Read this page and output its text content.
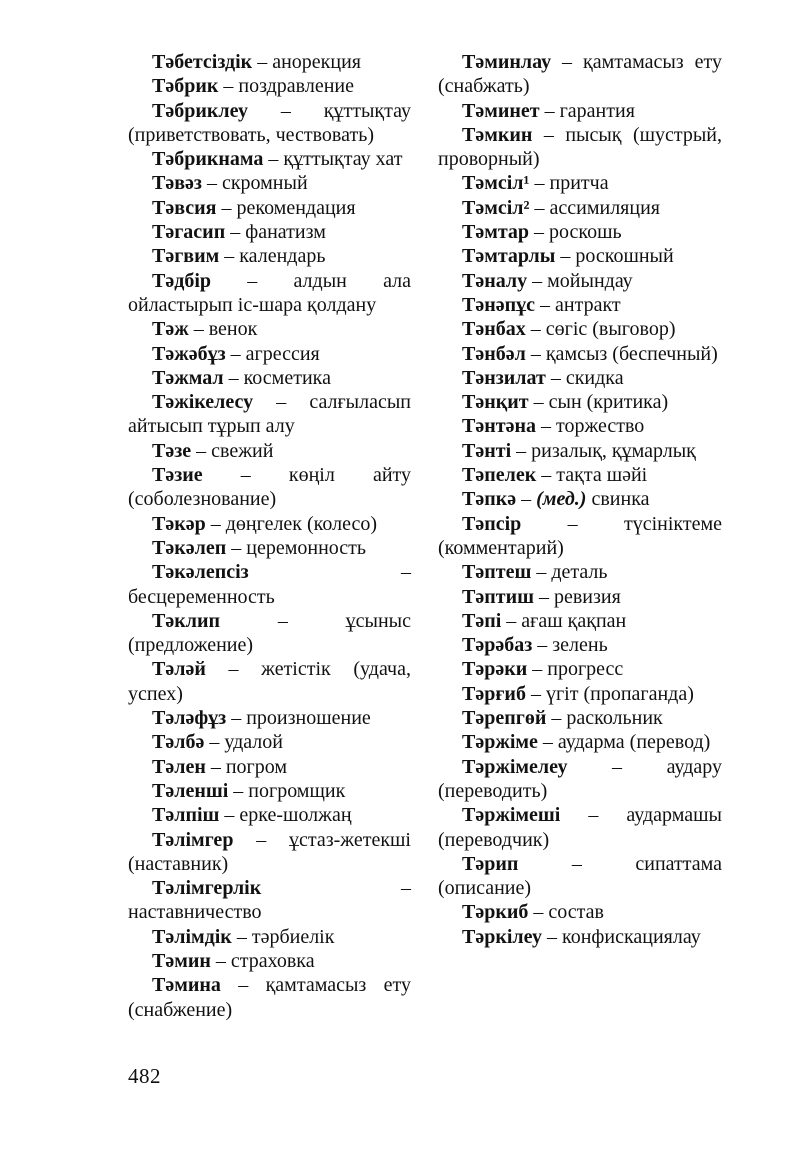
Тәбетсіздік – анорекция
Тәбрик – поздравление
Тәбриклеу – құттықтау (приветствовать, чествовать)
Тәбрикнама – құттықтау хат
Тәвәз – скромный
Тәвсия – рекомендация
Тәгасип – фанатизм
Тәгвим – календарь
Тәдбір – алдын ала ойластырып іс-шара қолдану
Тәж – венок
Тәжәбұз – агрессия
Тәжмал – косметика
Тәжікелесу – салғыласып айтысып тұрып алу
Тәзе – свежий
Тәзие – көңіл айту (соболезнование)
Тәкәр – дөңгелек (колесо)
Тәкәлеп – церемонность
Тәкәлепсіз – бесцеременность
Тәклип – ұсыныс (предложение)
Тәләй – жетістік (удача, успех)
Тәләфұз – произношение
Тәлбә – удалой
Тәлен – погром
Тәленші – погромщик
Тәлпіш – ерке-шолжаң
Тәлімгер – ұстаз-жетекші (наставник)
Тәлімгерлік – наставничество
Тәлімдік – тәрбиелік
Тәмин – страховка
Тәмина – қамтамасыз ету (снабжение)
Тәминлау – қамтамасыз ету (снабжать)
Тәминет – гарантия
Тәмкин – пысық (шустрый, проворный)
Тәмсіл¹ – притча
Тәмсіл² – ассимиляция
Тәмтар – роскошь
Тәмтарлы – роскошный
Тәналу – мойындау
Тәнәпұс – антракт
Тәнбах – сөгіс (выговор)
Тәнбәл – қамсыз (беспечный)
Тәнзилат – скидка
Тәнқит – сын (критика)
Тәнтәна – торжество
Тәнті – ризалық, құмарлық
Тәпелек – тақта шәйі
Тәпкә – (мед.) свинка
Тәпсір – түсініктеме (комментарий)
Тәптеш – деталь
Тәптиш – ревизия
Тәпі – ағаш қақпан
Тәрәбаз – зелень
Тәрәки – прогресс
Тәрғиб – үгіт (пропаганда)
Тәрепгөй – раскольник
Тәржіме – аударма (перевод)
Тәржімелеу – аудару (переводить)
Тәржімеші – аудармашы (переводчик)
Тәрип – сипаттама (описание)
Тәркиб – состав
Тәркілеу – конфискациялау
482
